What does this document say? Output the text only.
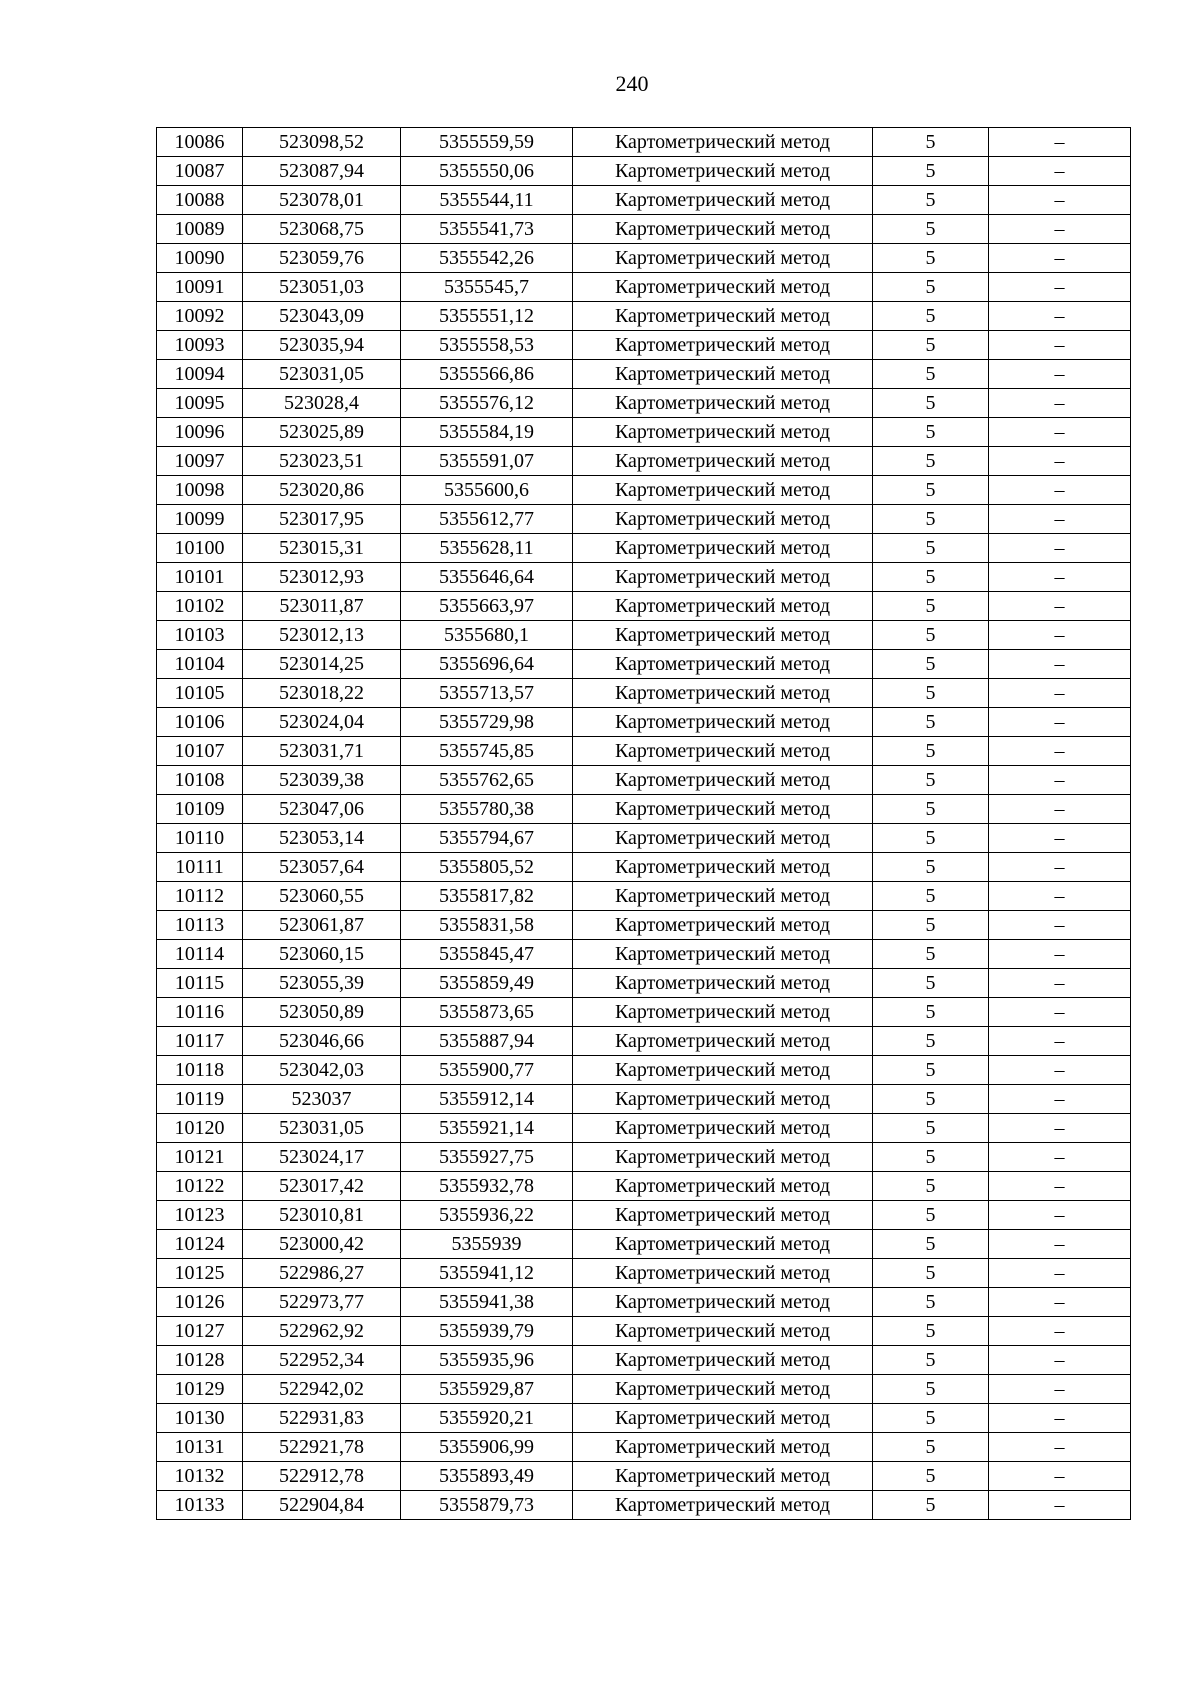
240
10086	523098,52	5355559,59	Картометрический метод	5	–
10087	523087,94	5355550,06	Картометрический метод	5	–
10088	523078,01	5355544,11	Картометрический метод	5	–
10089	523068,75	5355541,73	Картометрический метод	5	–
10090	523059,76	5355542,26	Картометрический метод	5	–
10091	523051,03	5355545,7	Картометрический метод	5	–
10092	523043,09	5355551,12	Картометрический метод	5	–
10093	523035,94	5355558,53	Картометрический метод	5	–
10094	523031,05	5355566,86	Картометрический метод	5	–
10095	523028,4	5355576,12	Картометрический метод	5	–
10096	523025,89	5355584,19	Картометрический метод	5	–
10097	523023,51	5355591,07	Картометрический метод	5	–
10098	523020,86	5355600,6	Картометрический метод	5	–
10099	523017,95	5355612,77	Картометрический метод	5	–
10100	523015,31	5355628,11	Картометрический метод	5	–
10101	523012,93	5355646,64	Картометрический метод	5	–
10102	523011,87	5355663,97	Картометрический метод	5	–
10103	523012,13	5355680,1	Картометрический метод	5	–
10104	523014,25	5355696,64	Картометрический метод	5	–
10105	523018,22	5355713,57	Картометрический метод	5	–
10106	523024,04	5355729,98	Картометрический метод	5	–
10107	523031,71	5355745,85	Картометрический метод	5	–
10108	523039,38	5355762,65	Картометрический метод	5	–
10109	523047,06	5355780,38	Картометрический метод	5	–
10110	523053,14	5355794,67	Картометрический метод	5	–
10111	523057,64	5355805,52	Картометрический метод	5	–
10112	523060,55	5355817,82	Картометрический метод	5	–
10113	523061,87	5355831,58	Картометрический метод	5	–
10114	523060,15	5355845,47	Картометрический метод	5	–
10115	523055,39	5355859,49	Картометрический метод	5	–
10116	523050,89	5355873,65	Картометрический метод	5	–
10117	523046,66	5355887,94	Картометрический метод	5	–
10118	523042,03	5355900,77	Картометрический метод	5	–
10119	523037	5355912,14	Картометрический метод	5	–
10120	523031,05	5355921,14	Картометрический метод	5	–
10121	523024,17	5355927,75	Картометрический метод	5	–
10122	523017,42	5355932,78	Картометрический метод	5	–
10123	523010,81	5355936,22	Картометрический метод	5	–
10124	523000,42	5355939	Картометрический метод	5	–
10125	522986,27	5355941,12	Картометрический метод	5	–
10126	522973,77	5355941,38	Картометрический метод	5	–
10127	522962,92	5355939,79	Картометрический метод	5	–
10128	522952,34	5355935,96	Картометрический метод	5	–
10129	522942,02	5355929,87	Картометрический метод	5	–
10130	522931,83	5355920,21	Картометрический метод	5	–
10131	522921,78	5355906,99	Картометрический метод	5	–
10132	522912,78	5355893,49	Картометрический метод	5	–
10133	522904,84	5355879,73	Картометрический метод	5	–
